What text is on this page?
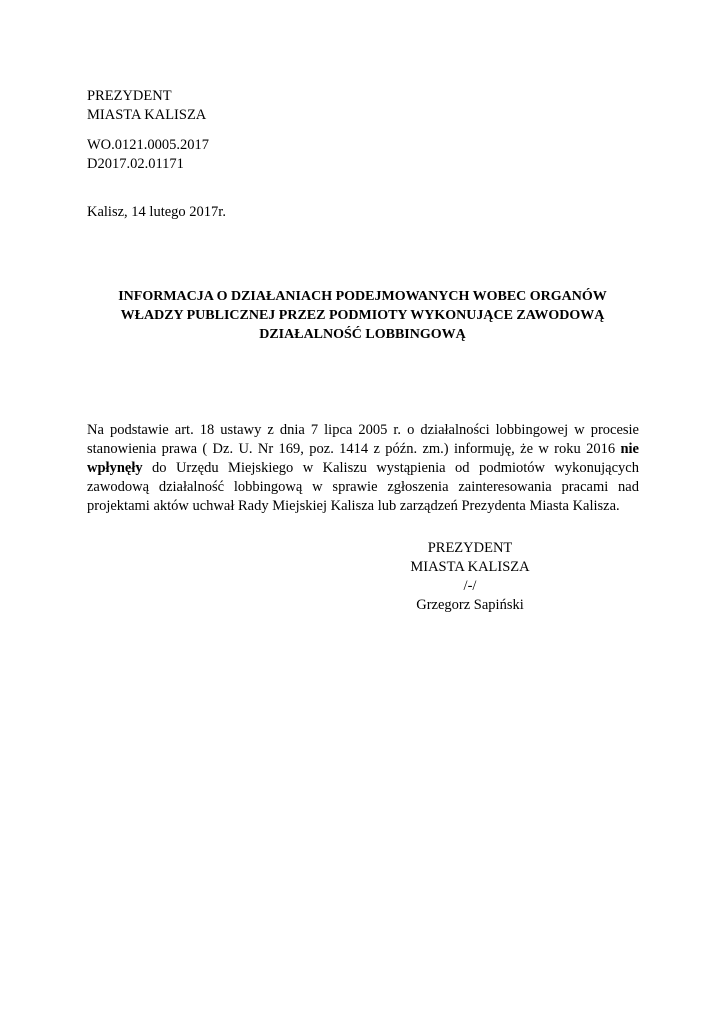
PREZYDENT
MIASTA KALISZA
WO.0121.0005.2017
D2017.02.01171
Kalisz, 14 lutego 2017r.
INFORMACJA O DZIAŁANIACH PODEJMOWANYCH WOBEC ORGANÓW
WŁADZY PUBLICZNEJ PRZEZ PODMIOTY WYKONUJĄCE ZAWODOWĄ
DZIAŁALNOŚĆ LOBBINGOWĄ

Na podstawie art. 18 ustawy z dnia 7 lipca 2005 r. o działalności lobbingowej w procesie stanowienia prawa ( Dz. U. Nr 169, poz. 1414 z późn. zm.) informuję, że w roku 2016 nie wpłynęły do Urzędu Miejskiego w Kaliszu wystąpienia od podmiotów wykonujących zawodową działalność lobbingową w sprawie zgłoszenia zainteresowania pracami nad projektami aktów uchwał Rady Miejskiej Kalisza lub zarządzeń Prezydenta Miasta Kalisza.

PREZYDENT
MIASTA KALISZA
/-/
Grzegorz Sapiński
